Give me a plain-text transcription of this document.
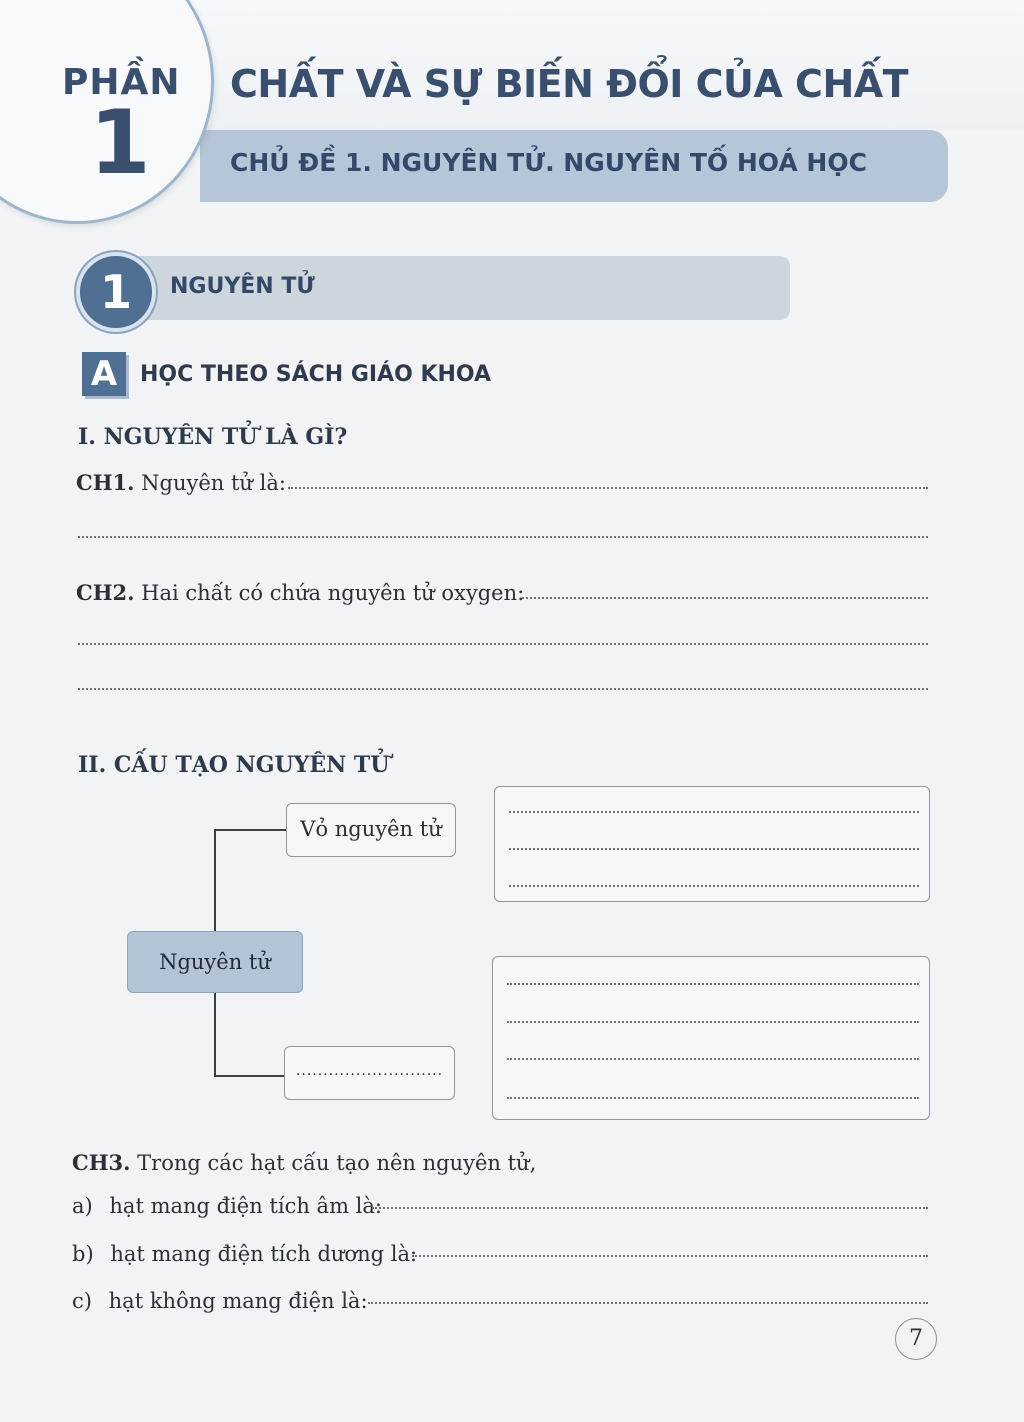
PHẦN
1
CHẤT VÀ SỰ BIẾN ĐỔI CỦA CHẤT
CHỦ ĐỀ 1. NGUYÊN TỬ. NGUYÊN TỐ HOÁ HỌC
1	NGUYÊN TỬ
A	HỌC THEO SÁCH GIÁO KHOA
I. NGUYÊN TỬ LÀ GÌ?
CH1. Nguyên tử là:
CH2. Hai chất có chứa nguyên tử oxygen:
II. CẤU TẠO NGUYÊN TỬ
Vỏ nguyên tử
Nguyên tử
...........................
CH3. Trong các hạt cấu tạo nên nguyên tử,
a) hạt mang điện tích âm là:
b) hạt mang điện tích dương là:
c) hạt không mang điện là:
7
